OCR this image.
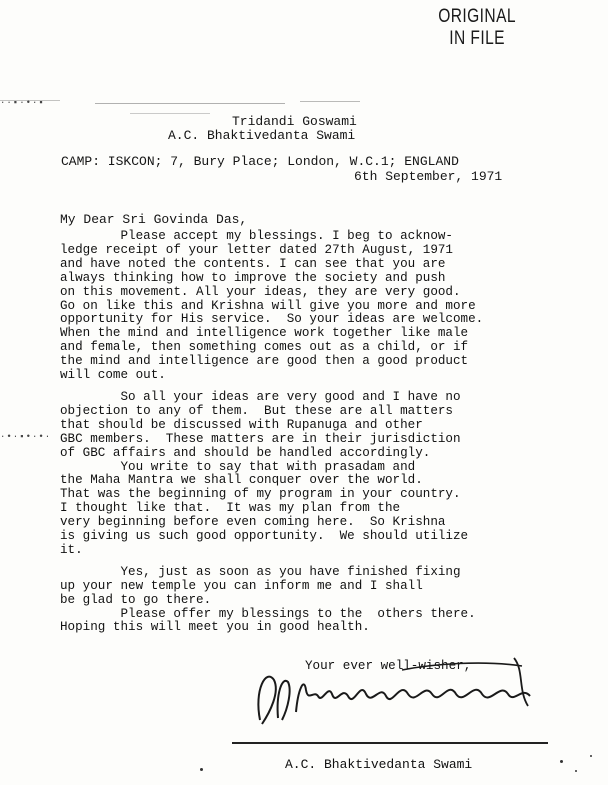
ORIGINAL
IN FILE
·•·▪•·•·
··▪·•·▪
Tridandi Goswami
A.C. Bhaktivedanta Swami
CAMP: ISKCON; 7, Bury Place; London, W.C.1; ENGLAND
6th September, 1971
My Dear Sri Govinda Das,

Please accept my blessings. I beg to acknow-

ledge receipt of your letter dated 27th August, 1971

and have noted the contents. I can see that you are

always thinking how to improve the society and push

on this movement. All your ideas, they are very good.

Go on like this and Krishna will give you more and more

opportunity for His service.  So your ideas are welcome.

When the mind and intelligence work together like male

and female, then something comes out as a child, or if

the mind and intelligence are good then a good product

will come out.

So all your ideas are very good and I have no

objection to any of them.  But these are all matters

that should be discussed with Rupanuga and other

GBC members.  These matters are in their jurisdiction

of GBC affairs and should be handled accordingly.

You write to say that with prasadam and

the Maha Mantra we shall conquer over the world.

That was the beginning of my program in your country.

I thought like that.  It was my plan from the

very beginning before even coming here.  So Krishna

is giving us such good opportunity.  We should utilize

it.

Yes, just as soon as you have finished fixing

up your new temple you can inform me and I shall

be glad to go there.

Please offer my blessings to the  others there.

Hoping this will meet you in good health.

Your ever well-wisher,
A.C. Bhaktivedanta Swami
